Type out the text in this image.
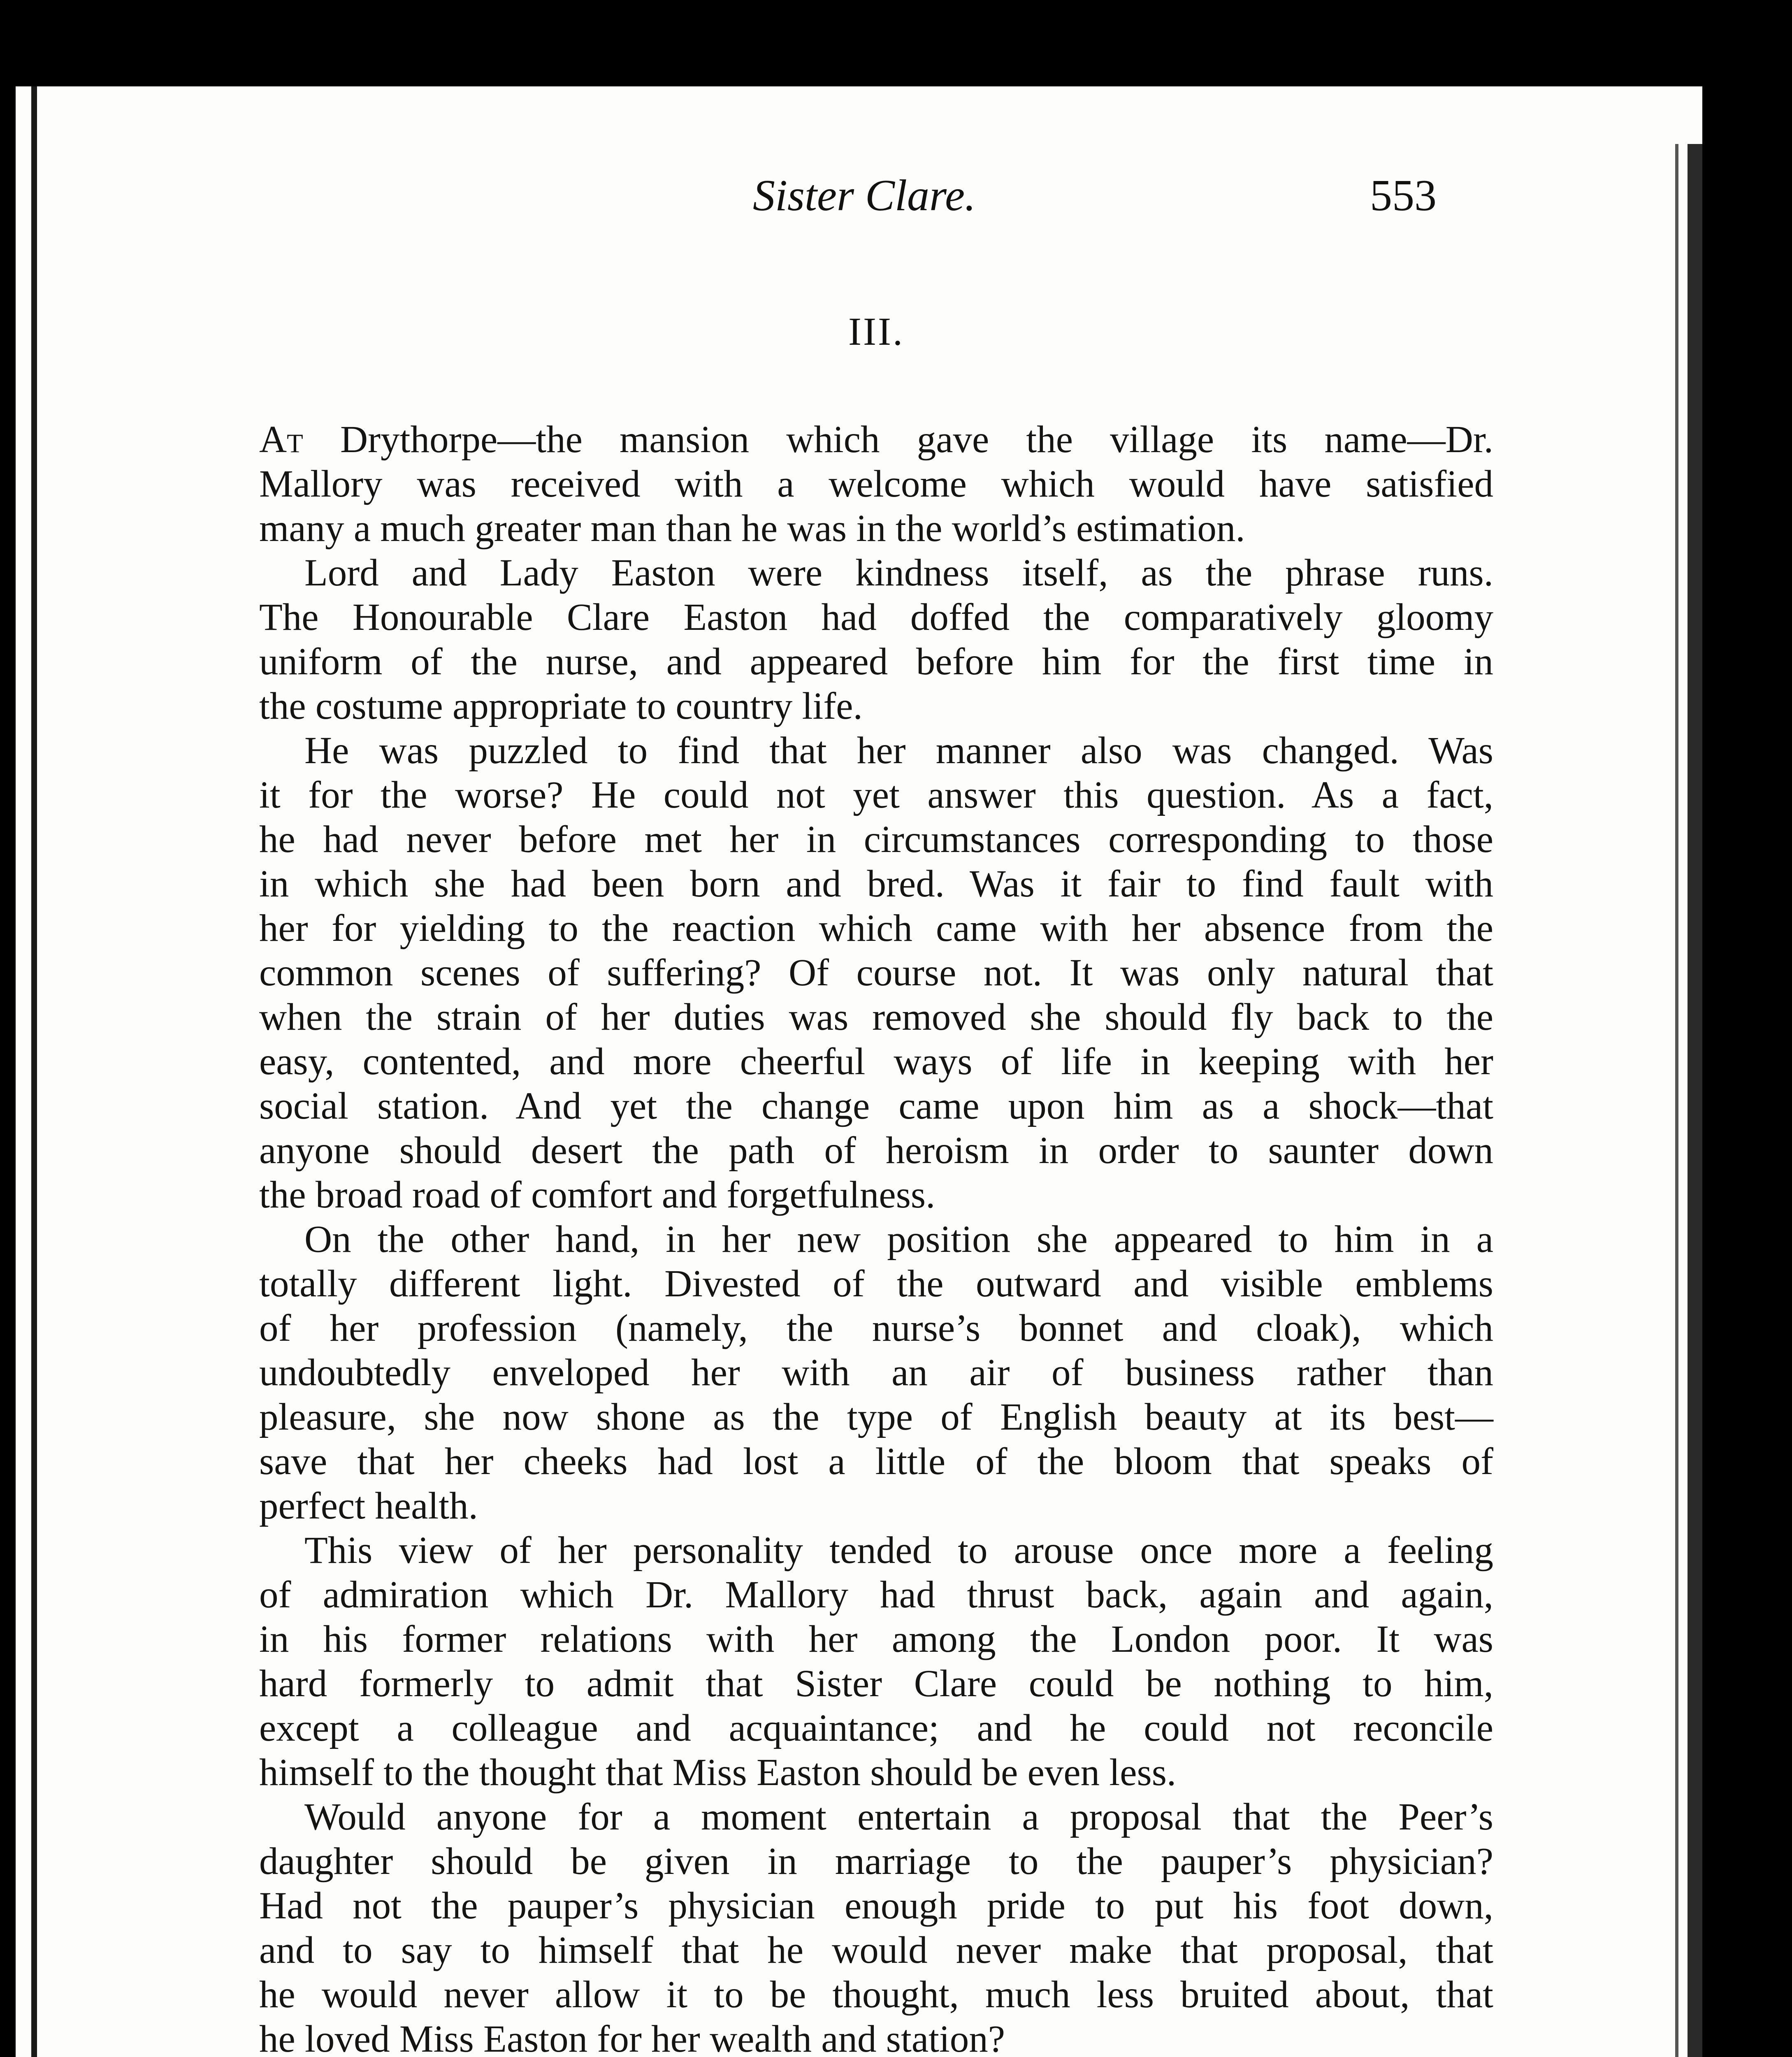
Sister Clare.	553
III.

At Drythorpe—the mansion which gave the village its name—Dr.

Mallory was received with a welcome which would have satisfied

many a much greater man than he was in the world’s estimation.

Lord and Lady Easton were kindness itself, as the phrase runs.

The Honourable Clare Easton had doffed the comparatively gloomy

uniform of the nurse, and appeared before him for the first time in

the costume appropriate to country life.

He was puzzled to find that her manner also was changed. Was

it for the worse? He could not yet answer this question. As a fact,

he had never before met her in circumstances corresponding to those

in which she had been born and bred. Was it fair to find fault with

her for yielding to the reaction which came with her absence from the

common scenes of suffering? Of course not. It was only natural that

when the strain of her duties was removed she should fly back to the

easy, contented, and more cheerful ways of life in keeping with her

social station. And yet the change came upon him as a shock—that

anyone should desert the path of heroism in order to saunter down

the broad road of comfort and forgetfulness.

On the other hand, in her new position she appeared to him in a

totally different light. Divested of the outward and visible emblems

of her profession (namely, the nurse’s bonnet and cloak), which

undoubtedly enveloped her with an air of business rather than

pleasure, she now shone as the type of English beauty at its best—

save that her cheeks had lost a little of the bloom that speaks of

perfect health.

This view of her personality tended to arouse once more a feeling

of admiration which Dr. Mallory had thrust back, again and again,

in his former relations with her among the London poor. It was

hard formerly to admit that Sister Clare could be nothing to him,

except a colleague and acquaintance; and he could not reconcile

himself to the thought that Miss Easton should be even less.

Would anyone for a moment entertain a proposal that the Peer’s

daughter should be given in marriage to the pauper’s physician?

Had not the pauper’s physician enough pride to put his foot down,

and to say to himself that he would never make that proposal, that

he would never allow it to be thought, much less bruited about, that

he loved Miss Easton for her wealth and station?
